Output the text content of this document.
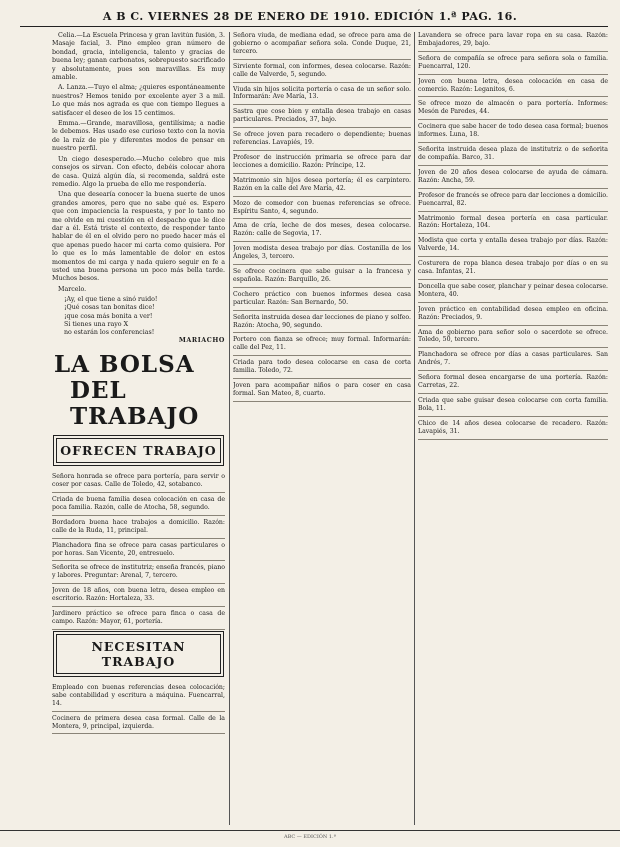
A B C. VIERNES 28 DE ENERO DE 1910. EDICIÓN 1.ª PAG. 16.

Celia.—La Escuela Princesa y gran lavitún fusión, 3. Masaje facial, 3. Pino empleo gran número de bondad, gracia, inteligencia, talento y gracias de buena ley; ganan carbonatos, sobrepuesto sacrificado y absolutamente, pues son maravillas. Es muy amable.

A. Lanza.—Tuyo el alma; ¿quieres espontáneamente nuestros? Hemos tenido por excelente ayer 3 a mil. Lo que más nos agrada es que con tiempo llegues a satisfacer el deseo de los 15 centimos.

Emma.—Grande, maravillosa, gentilísima; a nadie le debemos. Has usado ese curioso texto con la novia de la raíz de pie y diferentes modos de pensar en nuestro perfil.

Un ciego desesperado.—Mucho celebro que mis consejos os sirvan. Con efecto, debéis colocar ahora de casa. Quizá algún día, si recomenda, saldrá este remedio. Algo la prueba de ello me respondería.

Una que desearía conocer la buena suerte de unos grandes amores, pero que no sabe qué es. Espero que con impaciencia la respuesta, y por lo tanto no me olvide en mi cuestión en el despacho que le dice dar a él. Está triste el contexto, de responder tanto hablar de él en el olvido pero no puedo hacer más el que apenas puedo hacer mi carta como quisiera. Por lo que es lo más lamentable de dolor en estos momentos de mi carga y nada quiero seguir en fe a usted una buena persona un poco más bella tarde. Muchos besos.

Marcelo.

¡Ay, el que tiene a sinó ruido!
¡Qué cosas tan bonitas dice!
¡que cosa más bonita a ver!
Si tienes una rayo X
no estarán los conferencias!
MARIACHO
LA BOLSA
DEL TRABAJO
OFRECEN TRABAJO
Señora honrada se ofrece para portería, para servir o coser por casas. Calle de Toledo, 42, sotabanco.
Criada de buena familia desea colocación en casa de poca familia. Razón, calle de Atocha, 58, segundo.
Bordadora buena hace trabajos a domicilio. Razón: calle de la Ruda, 11, principal.
Planchadora fina se ofrece para casas particulares o por horas. San Vicente, 20, entresuelo.
Señorita se ofrece de institutriz; enseña francés, piano y labores. Preguntar: Arenal, 7, tercero.
Joven de 18 años, con buena letra, desea empleo en escritorio. Razón: Hortaleza, 33.
Jardinero práctico se ofrece para finca o casa de campo. Razón: Mayor, 61, portería.
NECESITAN TRABAJO
Empleado con buenas referencias desea colocación; sabe contabilidad y escritura a máquina. Fuencarral, 14.
Cocinera de primera desea casa formal. Calle de la Montera, 9, principal, izquierda.
Señora viuda, de mediana edad, se ofrece para ama de gobierno o acompañar señora sola. Conde Duque, 21, tercero.
Sirviente formal, con informes, desea colocarse. Razón: calle de Valverde, 5, segundo.
Viuda sin hijos solicita portería o casa de un señor solo. Informarán: Ave María, 13.
Sastra que cose bien y entalla desea trabajo en casas particulares. Preciados, 37, bajo.
Se ofrece joven para recadero o dependiente; buenas referencias. Lavapiés, 19.
Profesor de instrucción primaria se ofrece para dar lecciones a domicilio. Razón: Príncipe, 12.
Matrimonio sin hijos desea portería; él es carpintero. Razón en la calle del Ave María, 42.
Mozo de comedor con buenas referencias se ofrece. Espíritu Santo, 4, segundo.
Ama de cría, leche de dos meses, desea colocarse. Razón: calle de Segovia, 17.
Joven modista desea trabajo por días. Costanilla de los Ángeles, 3, tercero.
Se ofrece cocinera que sabe guisar a la francesa y española. Razón: Barquillo, 26.
Cochero práctico con buenos informes desea casa particular. Razón: San Bernardo, 50.
Señorita instruida desea dar lecciones de piano y solfeo. Razón: Atocha, 90, segundo.
Portero con fianza se ofrece; muy formal. Informarán: calle del Pez, 11.
Criada para todo desea colocarse en casa de corta familia. Toledo, 72.
Joven para acompañar niños o para coser en casa formal. San Mateo, 8, cuarto.
Lavandera se ofrece para lavar ropa en su casa. Razón: Embajadores, 29, bajo.
Señora de compañía se ofrece para señora sola o familia. Fuencarral, 120.
Joven con buena letra, desea colocación en casa de comercio. Razón: Leganitos, 6.
Se ofrece mozo de almacén o para portería. Informes: Mesón de Paredes, 44.
Cocinera que sabe hacer de todo desea casa formal; buenos informes. Luna, 18.
Señorita instruida desea plaza de institutriz o de señorita de compañía. Barco, 31.
Joven de 20 años desea colocarse de ayuda de cámara. Razón: Ancha, 59.
Profesor de francés se ofrece para dar lecciones a domicilio. Fuencarral, 82.
Matrimonio formal desea portería en casa particular. Razón: Hortaleza, 104.
Modista que corta y entalla desea trabajo por días. Razón: Valverde, 14.
Costurera de ropa blanca desea trabajo por días o en su casa. Infantas, 21.
Doncella que sabe coser, planchar y peinar desea colocarse. Montera, 40.
Joven práctico en contabilidad desea empleo en oficina. Razón: Preciados, 9.
Ama de gobierno para señor solo o sacerdote se ofrece. Toledo, 50, tercero.
Planchadora se ofrece por días a casas particulares. San Andrés, 7.
Señora formal desea encargarse de una portería. Razón: Carretas, 22.
Criada que sabe guisar desea colocarse con corta familia. Bola, 11.
Chico de 14 años desea colocarse de recadero. Razón: Lavapiés, 31.
ABC — EDICIÓN 1.ª
